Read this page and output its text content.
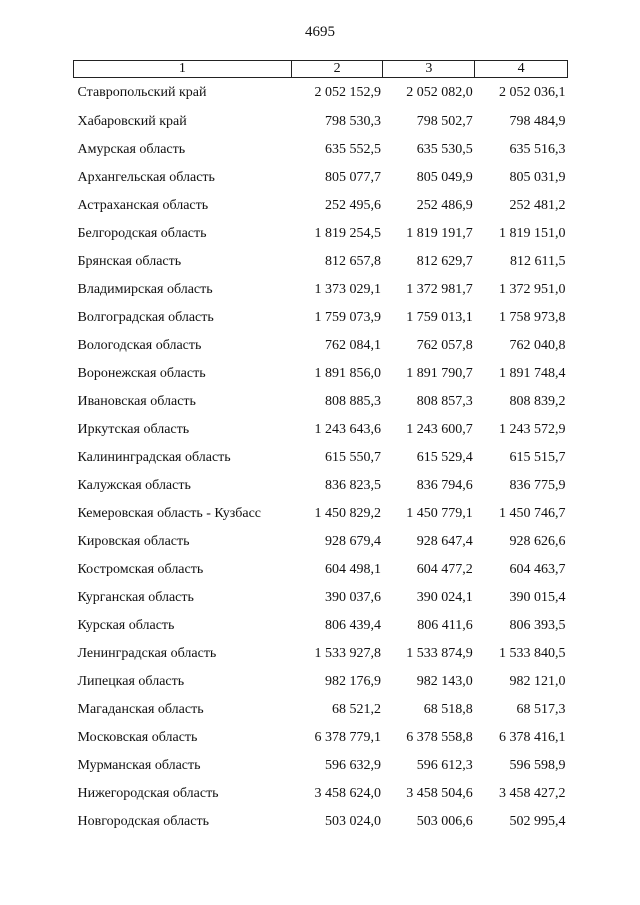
4695
1	2	3	4
Ставропольский край	2 052 152,9	2 052 082,0	2 052 036,1
Хабаровский край	798 530,3	798 502,7	798 484,9
Амурская область	635 552,5	635 530,5	635 516,3
Архангельская область	805 077,7	805 049,9	805 031,9
Астраханская область	252 495,6	252 486,9	252 481,2
Белгородская область	1 819 254,5	1 819 191,7	1 819 151,0
Брянская область	812 657,8	812 629,7	812 611,5
Владимирская область	1 373 029,1	1 372 981,7	1 372 951,0
Волгоградская область	1 759 073,9	1 759 013,1	1 758 973,8
Вологодская область	762 084,1	762 057,8	762 040,8
Воронежская область	1 891 856,0	1 891 790,7	1 891 748,4
Ивановская область	808 885,3	808 857,3	808 839,2
Иркутская область	1 243 643,6	1 243 600,7	1 243 572,9
Калининградская область	615 550,7	615 529,4	615 515,7
Калужская область	836 823,5	836 794,6	836 775,9
Кемеровская область - Кузбасс	1 450 829,2	1 450 779,1	1 450 746,7
Кировская область	928 679,4	928 647,4	928 626,6
Костромская область	604 498,1	604 477,2	604 463,7
Курганская область	390 037,6	390 024,1	390 015,4
Курская область	806 439,4	806 411,6	806 393,5
Ленинградская область	1 533 927,8	1 533 874,9	1 533 840,5
Липецкая область	982 176,9	982 143,0	982 121,0
Магаданская область	68 521,2	68 518,8	68 517,3
Московская область	6 378 779,1	6 378 558,8	6 378 416,1
Мурманская область	596 632,9	596 612,3	596 598,9
Нижегородская область	3 458 624,0	3 458 504,6	3 458 427,2
Новгородская область	503 024,0	503 006,6	502 995,4
